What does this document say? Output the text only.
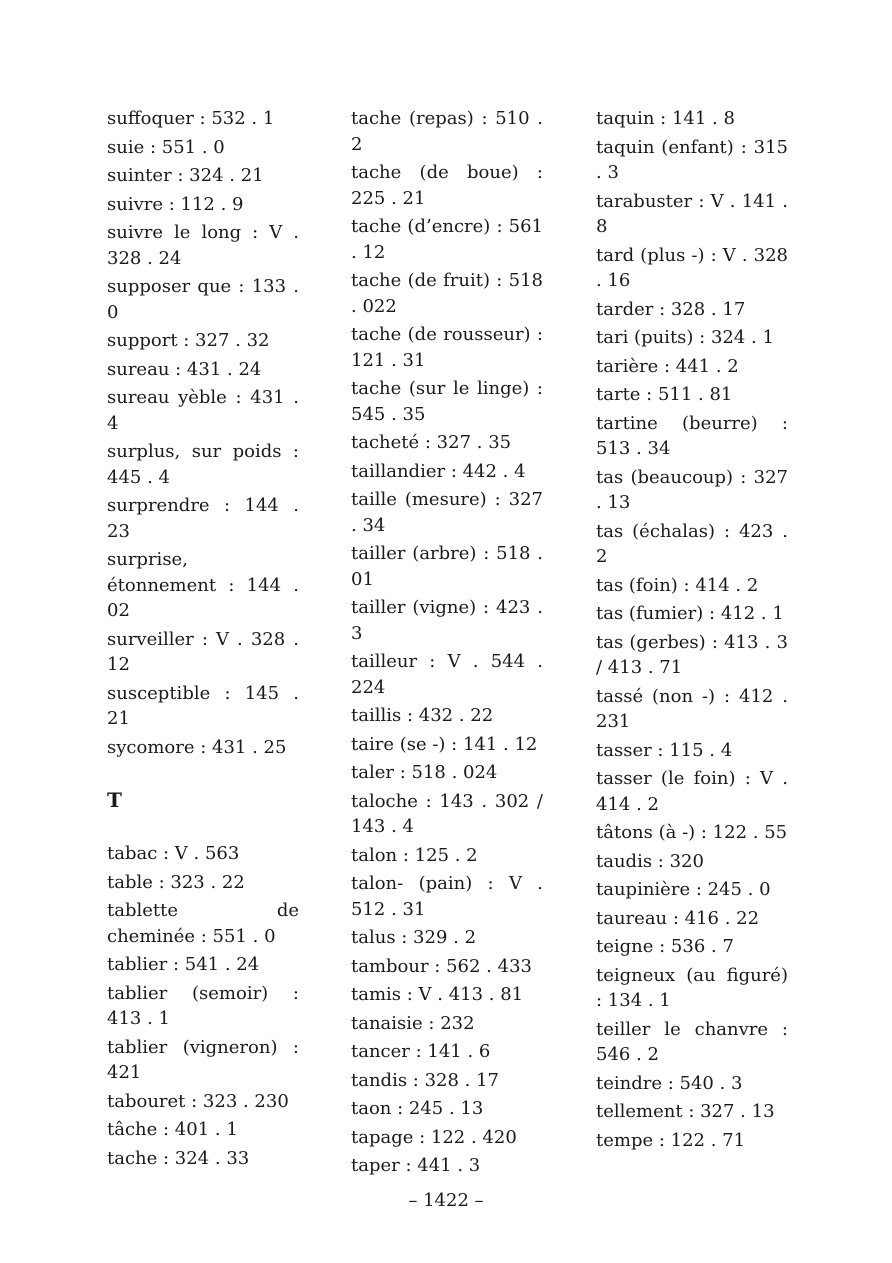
suffoquer : 532 . 1
suie : 551 . 0
suinter : 324 . 21
suivre : 112 . 9
suivre le long : V . 328 . 24
supposer que : 133 . 0
support : 327 . 32
sureau : 431 . 24
sureau yèble : 431 . 4
surplus, sur poids : 445 . 4
surprendre : 144 . 23
surprise, étonnement : 144 . 02
surveiller : V . 328 . 12
susceptible : 145 . 21
sycomore : 431 . 25
T
tabac : V . 563
table : 323 . 22
tablette de cheminée : 551 . 0
tablier : 541 . 24
tablier (semoir) : 413 . 1
tablier (vigneron) : 421
tabouret : 323 . 230
tâche : 401 . 1
tache : 324 . 33
tache (repas) : 510 . 2
tache (de boue) : 225 . 21
tache (d’encre) : 561 . 12
tache (de fruit) : 518 . 022
tache (de rousseur) : 121 . 31
tache (sur le linge) : 545 . 35
tacheté : 327 . 35
taillandier : 442 . 4
taille (mesure) : 327 . 34
tailler (arbre) : 518 . 01
tailler (vigne) : 423 . 3
tailleur : V . 544 . 224
taillis : 432 . 22
taire (se -) : 141 . 12
taler : 518 . 024
taloche : 143 . 302 / 143 . 4
talon : 125 . 2
talon- (pain) : V . 512 . 31
talus : 329 . 2
tambour : 562 . 433
tamis : V . 413 . 81
tanaisie : 232
tancer : 141 . 6
tandis : 328 . 17
taon : 245 . 13
tapage : 122 . 420
taper : 441 . 3
taquin : 141 . 8
taquin (enfant) : 315 . 3
tarabuster : V . 141 . 8
tard (plus -) : V . 328 . 16
tarder : 328 . 17
tari (puits) : 324 . 1
tarière : 441 . 2
tarte : 511 . 81
tartine (beurre) : 513 . 34
tas (beaucoup) : 327 . 13
tas (échalas) : 423 . 2
tas (foin) : 414 . 2
tas (fumier) : 412 . 1
tas (gerbes) : 413 . 3 / 413 . 71
tassé (non -) : 412 . 231
tasser : 115 . 4
tasser (le foin) : V . 414 . 2
tâtons (à -) : 122 . 55
taudis : 320
taupinière : 245 . 0
taureau : 416 . 22
teigne : 536 . 7
teigneux (au figuré) : 134 . 1
teiller le chanvre : 546 . 2
teindre : 540 . 3
tellement : 327 . 13
tempe : 122 . 71
– 1422 –
